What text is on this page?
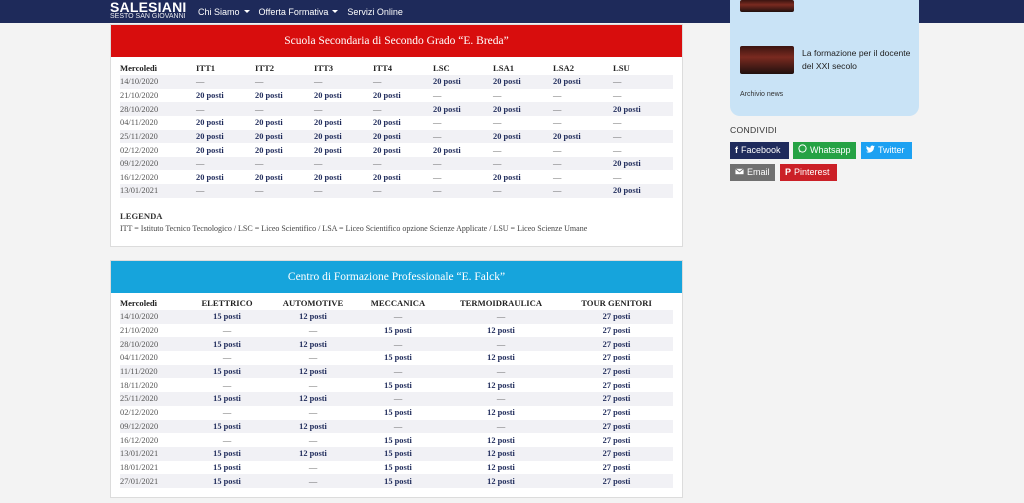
SALESIANI
SESTO SAN GIOVANNI Chi Siamo Offerta Formativa Servizi Online
Scuola Secondaria di Secondo Grado “E. Breda”
Mercoledì	ITT1	ITT2	ITT3	ITT4	LSC	LSA1	LSA2	LSU
14/10/2020	—	—	—	—	20 posti	20 posti	20 posti	—
21/10/2020	20 posti	20 posti	20 posti	20 posti	—	—	—	—
28/10/2020	—	—	—	—	20 posti	20 posti	—	20 posti
04/11/2020	20 posti	20 posti	20 posti	20 posti	—	—	—	—
25/11/2020	20 posti	20 posti	20 posti	20 posti	—	20 posti	20 posti	—
02/12/2020	20 posti	20 posti	20 posti	20 posti	20 posti	—	—	—
09/12/2020	—	—	—	—	—	—	—	20 posti
16/12/2020	20 posti	20 posti	20 posti	20 posti	—	20 posti	—	—
13/01/2021	—	—	—	—	—	—	—	20 posti
LEGENDA
ITT = Istituto Tecnico Tecnologico / LSC = Liceo Scientifico / LSA = Liceo Scientifico opzione Scienze Applicate / LSU = Liceo Scienze Umane
Centro di Formazione Professionale “E. Falck”
Mercoledì	ELETTRICO	AUTOMOTIVE	MECCANICA	TERMOIDRAULICA	TOUR GENITORI
14/10/2020	15 posti	12 posti	—	—	27 posti
21/10/2020	—	—	15 posti	12 posti	27 posti
28/10/2020	15 posti	12 posti	—	—	27 posti
04/11/2020	—	—	15 posti	12 posti	27 posti
11/11/2020	15 posti	12 posti	—	—	27 posti
18/11/2020	—	—	15 posti	12 posti	27 posti
25/11/2020	15 posti	12 posti	—	—	27 posti
02/12/2020	—	—	15 posti	12 posti	27 posti
09/12/2020	15 posti	12 posti	—	—	27 posti
16/12/2020	—	—	15 posti	12 posti	27 posti
13/01/2021	15 posti	12 posti	15 posti	12 posti	27 posti
18/01/2021	15 posti	—	15 posti	12 posti	27 posti
27/01/2021	15 posti	—	15 posti	12 posti	27 posti
La formazione per il docente del XXI secolo
Archivio news
CONDIVIDI
f Facebook	Whatsapp	Twitter
Email P Pinterest
